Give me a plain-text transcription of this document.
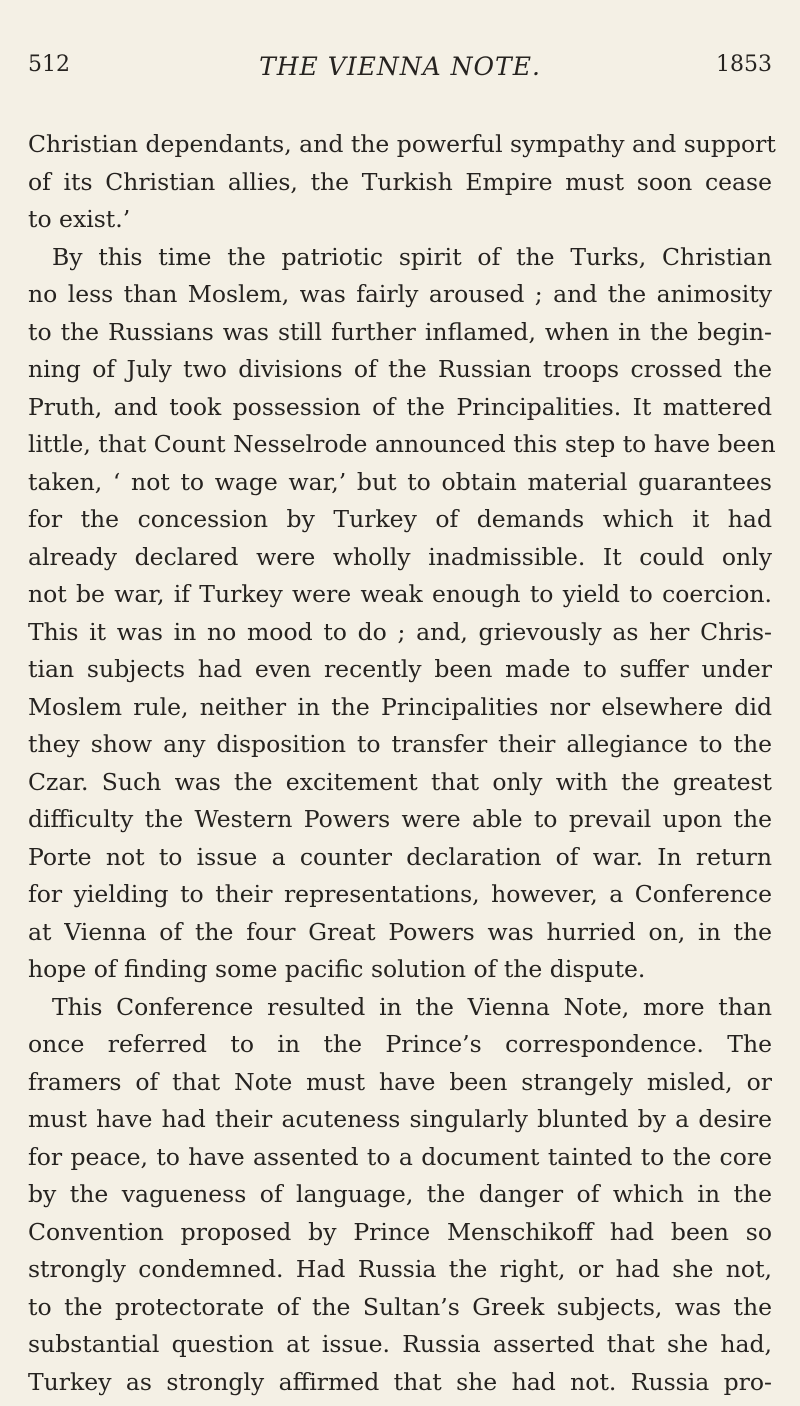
512	THE VIENNA NOTE.	1853
Christian dependants, and the powerful sympathy and support
of its Christian allies, the Turkish Empire must soon cease
to exist.’
By this time the patriotic spirit of the Turks, Christian
no less than Moslem, was fairly aroused ; and the animosity
to the Russians was still further inflamed, when in the begin-
ning of July two divisions of the Russian troops crossed the
Pruth, and took possession of the Principalities. It mattered
little, that Count Nesselrode announced this step to have been
taken, ‘ not to wage war,’ but to obtain material guarantees
for the concession by Turkey of demands which it had
already declared were wholly inadmissible. It could only
not be war, if Turkey were weak enough to yield to coercion.
This it was in no mood to do ; and, grievously as her Chris-
tian subjects had even recently been made to suffer under
Moslem rule, neither in the Principalities nor elsewhere did
they show any disposition to transfer their allegiance to the
Czar. Such was the excitement that only with the greatest
difficulty the Western Powers were able to prevail upon the
Porte not to issue a counter declaration of war. In return
for yielding to their representations, however, a Conference
at Vienna of the four Great Powers was hurried on, in the
hope of finding some pacific solution of the dispute.
This Conference resulted in the Vienna Note, more than
once referred to in the Prince’s correspondence. The
framers of that Note must have been strangely misled, or
must have had their acuteness singularly blunted by a desire
for peace, to have assented to a document tainted to the core
by the vagueness of language, the danger of which in the
Convention proposed by Prince Menschikoff had been so
strongly condemned. Had Russia the right, or had she not,
to the protectorate of the Sultan’s Greek subjects, was the
substantial question at issue. Russia asserted that she had,
Turkey as strongly affirmed that she had not. Russia pro-
